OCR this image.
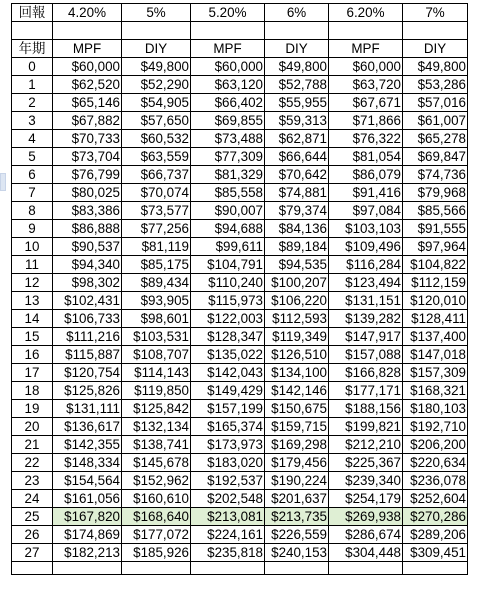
回報	4.20%	5%	5.20%	6%	6.20%	7%

年期	MPF	DIY	MPF	DIY	MPF	DIY
0	$60,000	$49,800	$60,000	$49,800	$60,000	$49,800
1	$62,520	$52,290	$63,120	$52,788	$63,720	$53,286
2	$65,146	$54,905	$66,402	$55,955	$67,671	$57,016
3	$67,882	$57,650	$69,855	$59,313	$71,866	$61,007
4	$70,733	$60,532	$73,488	$62,871	$76,322	$65,278
5	$73,704	$63,559	$77,309	$66,644	$81,054	$69,847
6	$76,799	$66,737	$81,329	$70,642	$86,079	$74,736
7	$80,025	$70,074	$85,558	$74,881	$91,416	$79,968
8	$83,386	$73,577	$90,007	$79,374	$97,084	$85,566
9	$86,888	$77,256	$94,688	$84,136	$103,103	$91,555
10	$90,537	$81,119	$99,611	$89,184	$109,496	$97,964
11	$94,340	$85,175	$104,791	$94,535	$116,284	$104,822
12	$98,302	$89,434	$110,240	$100,207	$123,494	$112,159
13	$102,431	$93,905	$115,973	$106,220	$131,151	$120,010
14	$106,733	$98,601	$122,003	$112,593	$139,282	$128,411
15	$111,216	$103,531	$128,347	$119,349	$147,917	$137,400
16	$115,887	$108,707	$135,022	$126,510	$157,088	$147,018
17	$120,754	$114,143	$142,043	$134,100	$166,828	$157,309
18	$125,826	$119,850	$149,429	$142,146	$177,171	$168,321
19	$131,111	$125,842	$157,199	$150,675	$188,156	$180,103
20	$136,617	$132,134	$165,374	$159,715	$199,821	$192,710
21	$142,355	$138,741	$173,973	$169,298	$212,210	$206,200
22	$148,334	$145,678	$183,020	$179,456	$225,367	$220,634
23	$154,564	$152,962	$192,537	$190,224	$239,340	$236,078
24	$161,056	$160,610	$202,548	$201,637	$254,179	$252,604
25	$167,820	$168,640	$213,081	$213,735	$269,938	$270,286
26	$174,869	$177,072	$224,161	$226,559	$286,674	$289,206
27	$182,213	$185,926	$235,818	$240,153	$304,448	$309,451
